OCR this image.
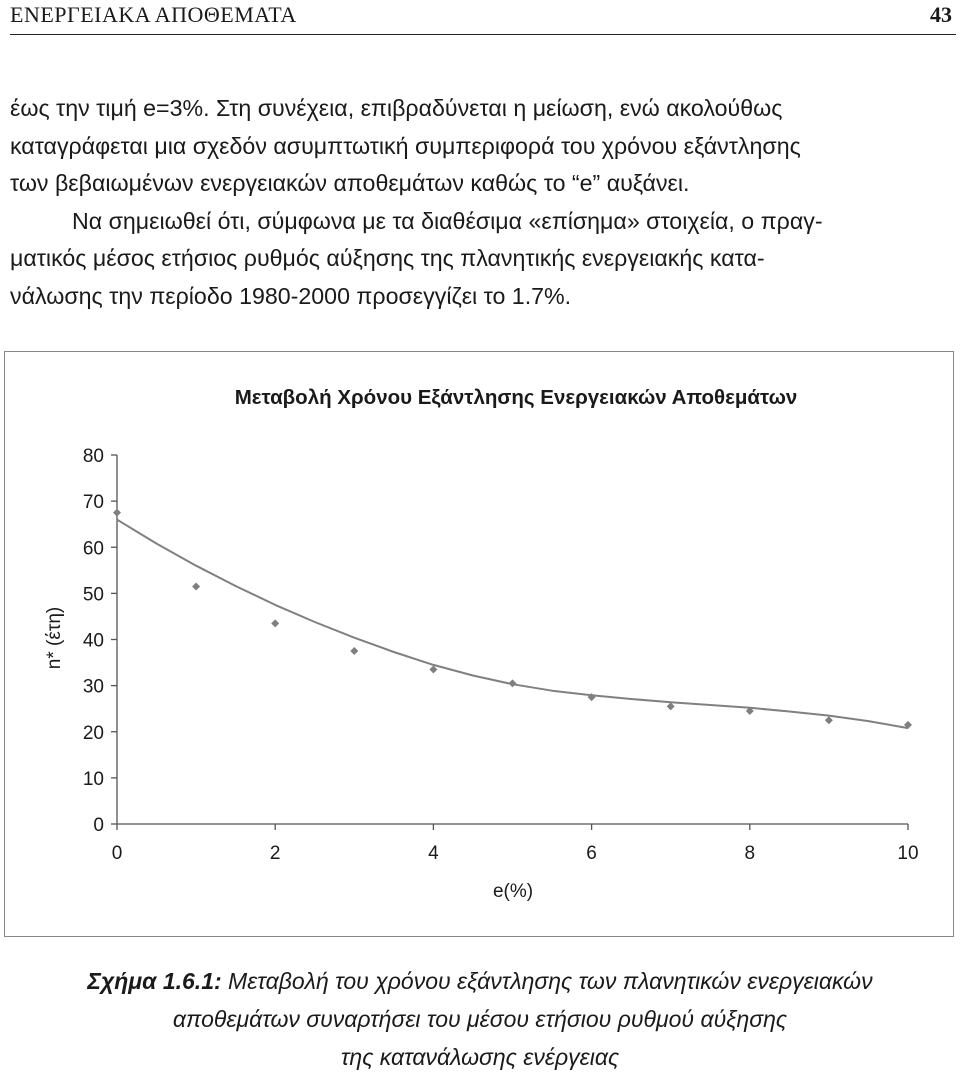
ΕΝΕΡΓΕΙΑΚΑ ΑΠΟΘΕΜΑΤΑ	43

έως την τιμή e=3%. Στη συνέχεια, επιβραδύνεται η μείωση, ενώ ακολούθως
καταγράφεται μια σχεδόν ασυμπτωτική συμπεριφορά του χρόνου εξάντλησης
των βεβαιωμένων ενεργειακών αποθεμάτων καθώς το “e” αυξάνει.

Να σημειωθεί ότι, σύμφωνα με τα διαθέσιμα «επίσημα» στοιχεία, ο πραγ-
ματικός μέσος ετήσιος ρυθμός αύξησης της πλανητικής ενεργειακής κατα-
νάλωσης την περίοδο 1980-2000 προσεγγίζει το 1.7%.

Μεταβολή Χρόνου Εξάντλησης Ενεργειακών Αποθεμάτων
e(%)
n* (έτη)
0
10
20
30
40
50
60
70
80
0	2	4	6	8	10
Σχήμα 1.6.1: Μεταβολή του χρόνου εξάντλησης των πλανητικών ενεργειακών
αποθεμάτων συναρτήσει του μέσου ετήσιου ρυθμού αύξησης
της κατανάλωσης ενέργειας
